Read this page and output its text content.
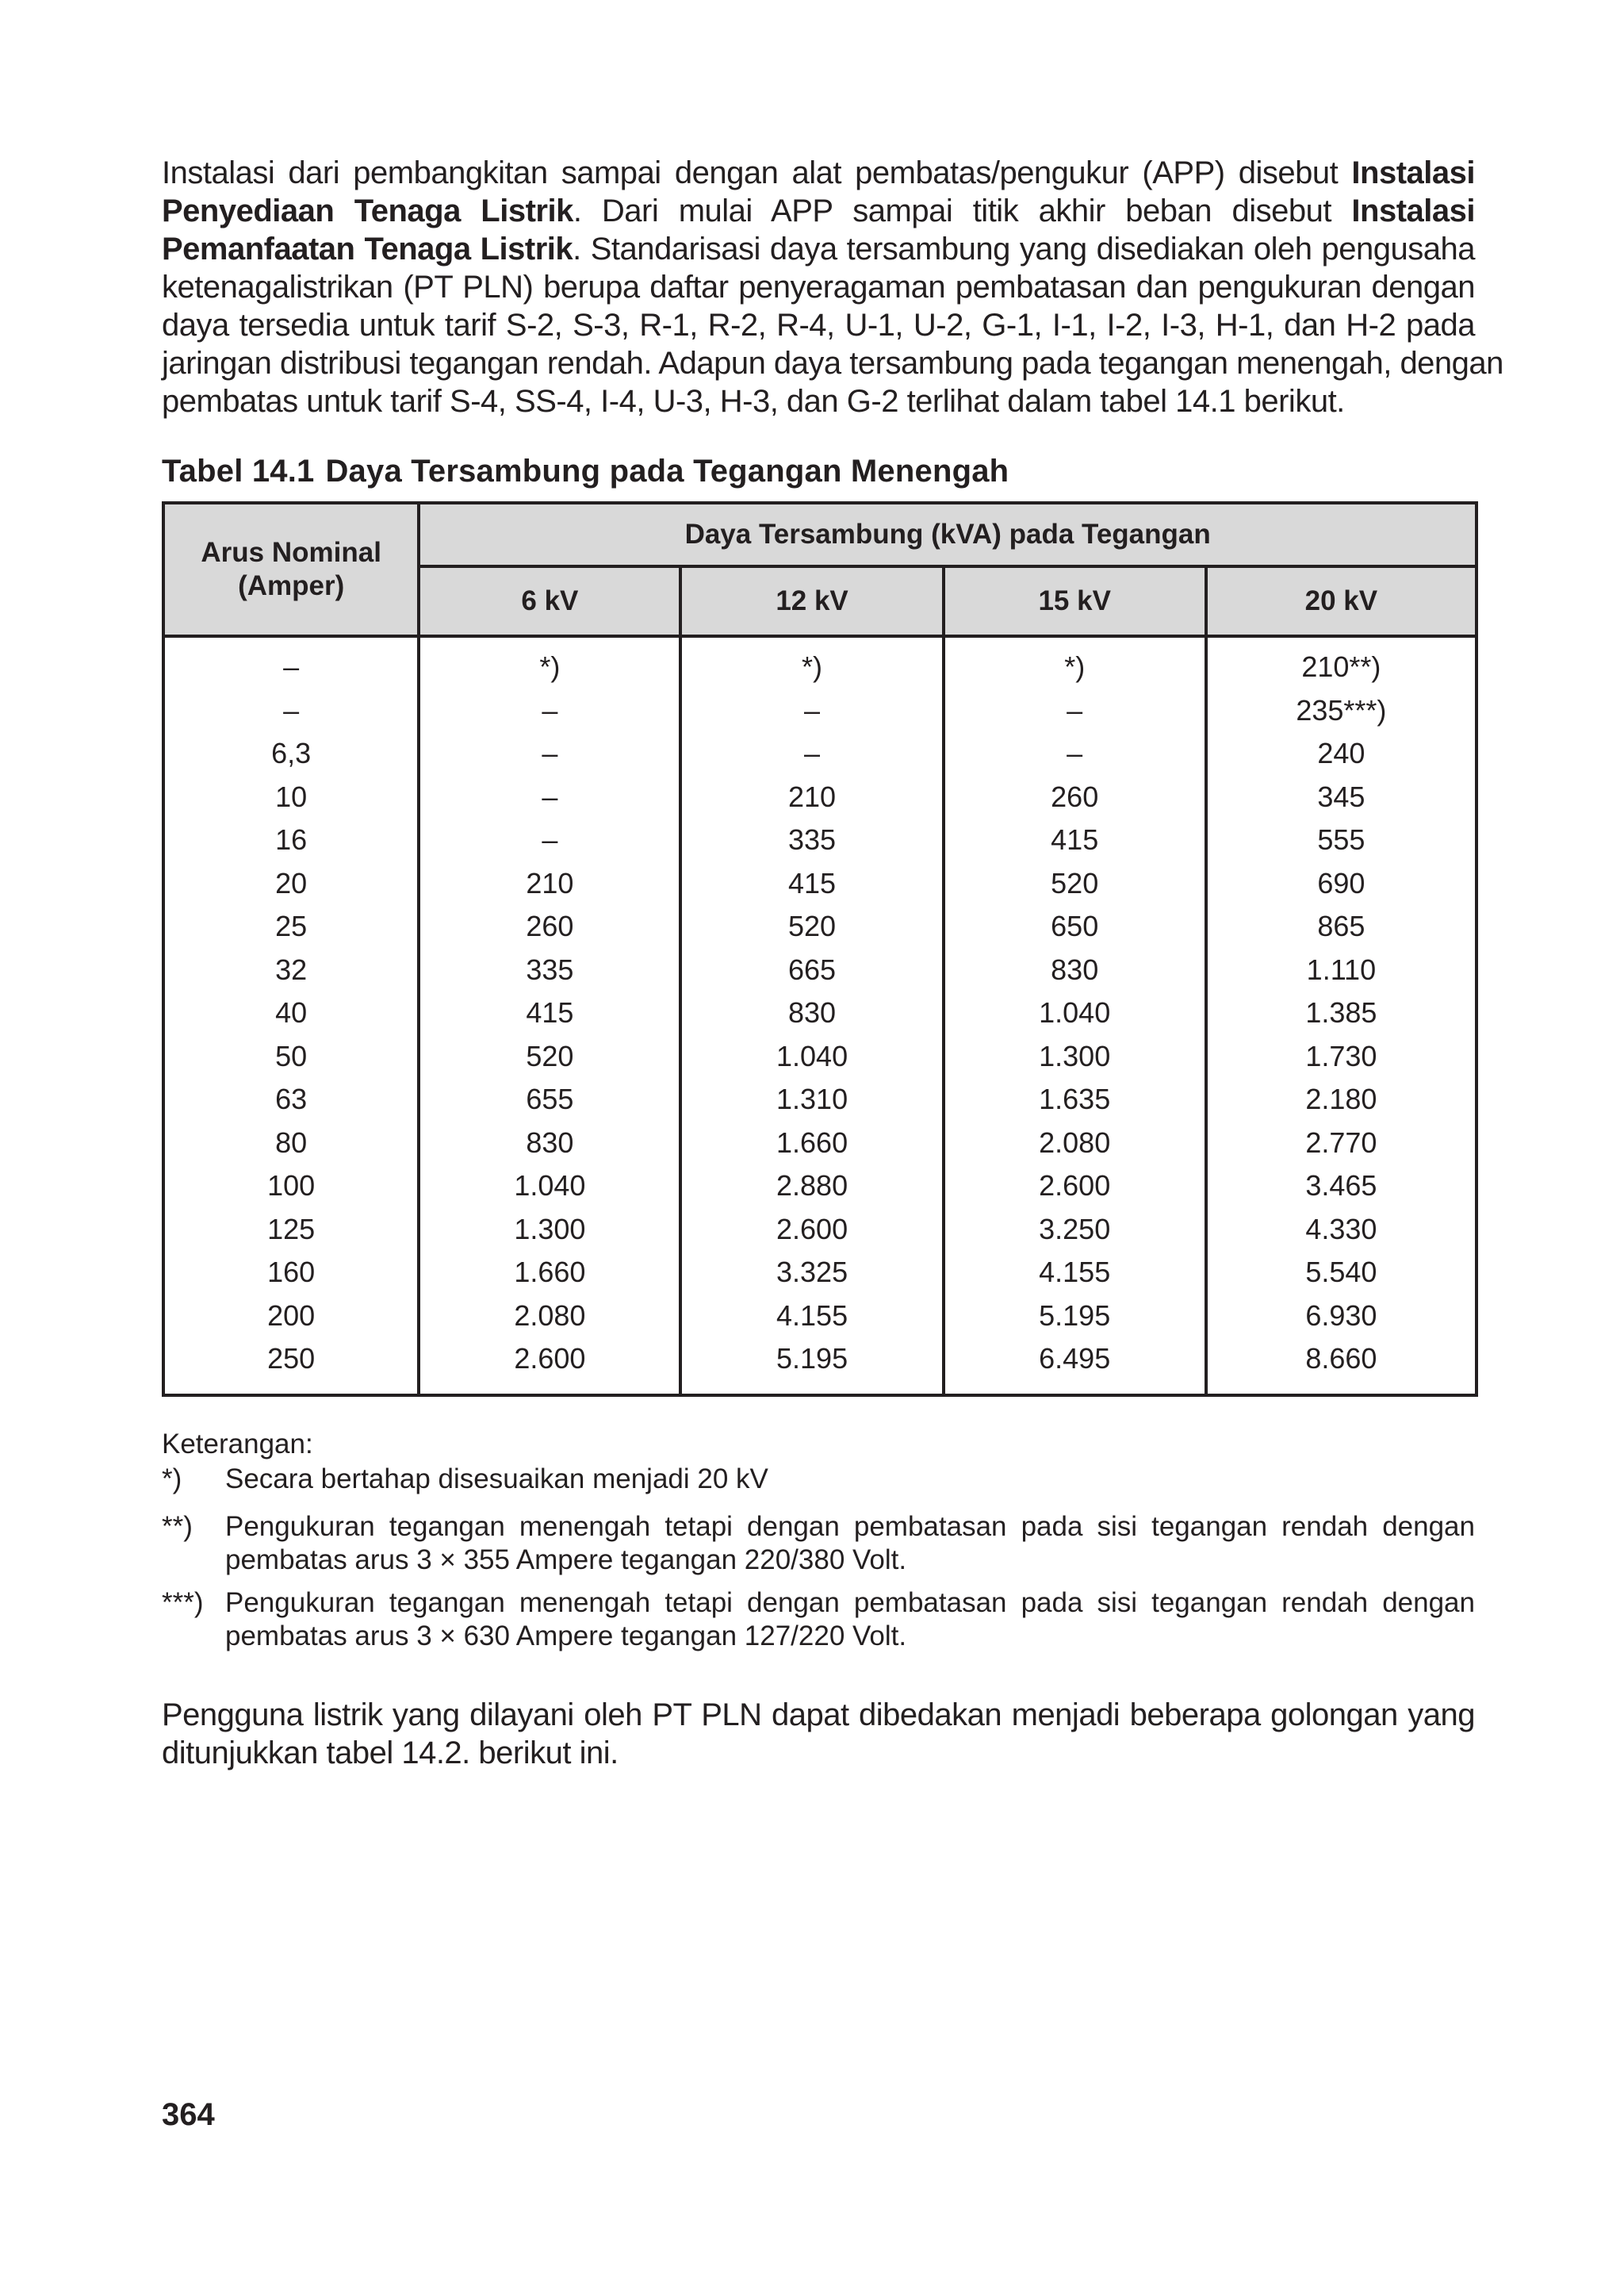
Instalasi dari pembangkitan sampai dengan alat pembatas/pengukur (APP) disebut Instalasi
Penyediaan Tenaga Listrik. Dari mulai APP sampai titik akhir beban disebut Instalasi
Pemanfaatan Tenaga Listrik. Standarisasi daya tersambung yang disediakan oleh pengusaha
ketenagalistrikan (PT PLN) berupa daftar penyeragaman pembatasan dan pengukuran dengan
daya tersedia untuk tarif S-2, S-3, R-1, R-2, R-4, U-1, U-2, G-1, I-1, I-2, I-3, H-1, dan H-2 pada
jaringan distribusi tegangan rendah. Adapun daya tersambung pada tegangan menengah, dengan
pembatas untuk tarif S-4, SS-4, I-4, U-3, H-3, dan G-2 terlihat dalam tabel 14.1 berikut.
Tabel 14.1 Daya Tersambung pada Tegangan Menengah
Arus Nominal
(Amper)	Daya Tersambung (kVA) pada Tegangan			
	6 kV	12 kV	15 kV	20 kV
–	*)	*)	*)	210**)
–	–	–	–	235***)
6,3	–	–	–	240
10	–	210	260	345
16	–	335	415	555
20	210	415	520	690
25	260	520	650	865
32	335	665	830	1.110
40	415	830	1.040	1.385
50	520	1.040	1.300	1.730
63	655	1.310	1.635	2.180
80	830	1.660	2.080	2.770
100	1.040	2.880	2.600	3.465
125	1.300	2.600	3.250	4.330
160	1.660	3.325	4.155	5.540
200	2.080	4.155	5.195	6.930
250	2.600	5.195	6.495	8.660
Keterangan:
*) Secara bertahap disesuaikan menjadi 20 kV
**) Pengukuran tegangan menengah tetapi dengan pembatasan pada sisi tegangan rendah dengan
pembatas arus 3 × 355 Ampere tegangan 220/380 Volt.
***) Pengukuran tegangan menengah tetapi dengan pembatasan pada sisi tegangan rendah dengan
pembatas arus 3 × 630 Ampere tegangan 127/220 Volt.
Pengguna listrik yang dilayani oleh PT PLN dapat dibedakan menjadi beberapa golongan yang
ditunjukkan tabel 14.2. berikut ini.
364
